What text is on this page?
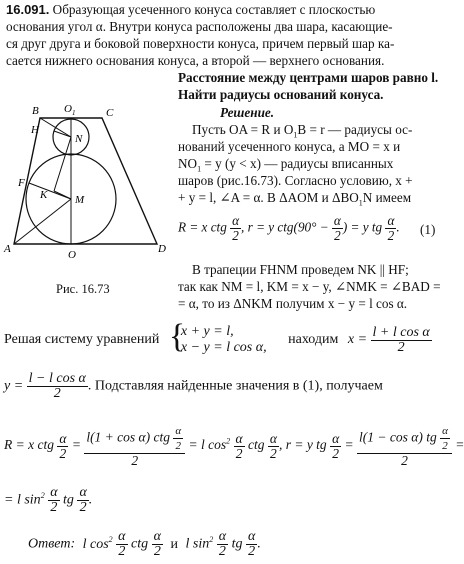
16.091. Образующая усеченного конуса составляет с плоскостью
основания угол α. Внутри конуса расположены два шара, касающие-
ся друг друга и боковой поверхности конуса, причем первый шар ка-
сается нижнего основания конуса, а второй — верхнего основания.
Расстояние между центрами шаров равно l.
Найти радиусы оснований конуса.
B O 1	C
H
N
F
K	M
A	O	D
Рис. 16.73
Решение.
Пусть OA = R и $O_1B = r$ — радиусы ос-
нований усеченного конуса, а MO = x и
$NO_1 = y$ (y < x) — радиусы вписанных
шаров (рис.16.73). Согласно условию, x +
+ y = l, ∠A = α. В ΔAOM и $\Delta BO_1N$ имеем
R = x ctg $\frac{\alpha}{2}$ , r = y $ctg(90^\circ - \frac{\alpha}{2}$ ) = y tg $\frac{\alpha}{2}$ . (1)
В трапеции FHNM проведем NK || HF;
так как NM = l, KM = x − y, ∠NMK = ∠BAD =
= α, то из ΔNKM получим x − y = l cos α.
Решая систему уравнений {
x + y = l,
x − y = l cos α,
находим $x = \frac{\text{l + l cos α}}{2}$
$y = \frac{\text{l − l cos α}}{2}$ . Подставляя найденные значения в (1), получаем
R = x ctg $\frac{\alpha}{2} = \frac{l(1 + \cos \alpha) ctg \frac{\alpha}{2}}{2} = l$ $\cos^2 \frac{\alpha}{2}$ ctg $\frac{\alpha}{2}$ , r = y tg $\frac{\alpha}{2} = \frac{l(1 - \cos \alpha) tg \frac{\alpha}{2}}{2}$ =
= l $\sin^2 \frac{\alpha}{2}$ tg $\frac{\alpha}{2}$ .
Ответ: l $\cos^2 \frac{\alpha}{2}$ ctg $\frac{\alpha}{2}$ и l $\sin^2 \frac{\alpha}{2}$ tg $\frac{\alpha}{2}$ .
